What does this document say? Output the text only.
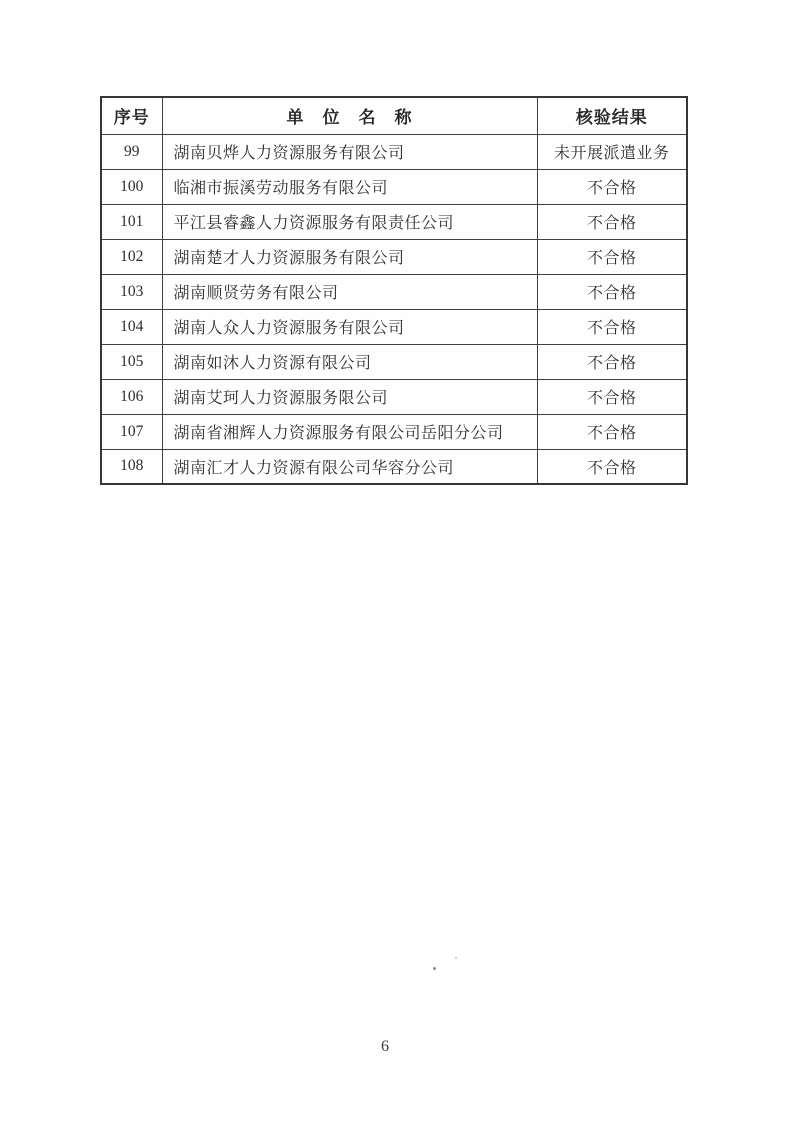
序号	单　位　名　称	核验结果
99	湖南贝烨人力资源服务有限公司	未开展派遣业务
100	临湘市振溪劳动服务有限公司	不合格
101	平江县睿鑫人力资源服务有限责任公司	不合格
102	湖南楚才人力资源服务有限公司	不合格
103	湖南顺贤劳务有限公司	不合格
104	湖南人众人力资源服务有限公司	不合格
105	湖南如沐人力资源有限公司	不合格
106	湖南艾珂人力资源服务限公司	不合格
107	湖南省湘辉人力资源服务有限公司岳阳分公司	不合格
108	湖南汇才人力资源有限公司华容分公司	不合格
6
